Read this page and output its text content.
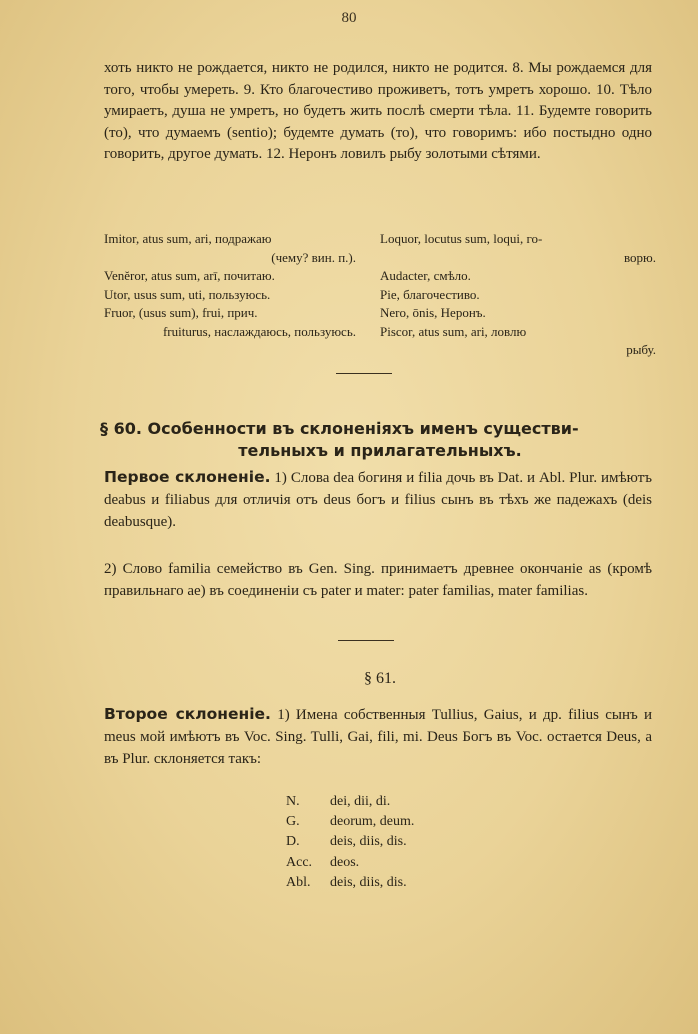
80
хоть никто не рождается, никто не родился, никто не родится. 8. Мы рождаемся для того, чтобы умереть. 9. Кто благочестиво проживетъ, тотъ умретъ хорошо. 10. Тѣло умираетъ, душа не умретъ, но будетъ жить послѣ смерти тѣла. 11. Будемте говорить (то), что думаемъ (sentio); будемте думать (то), что говоримъ: ибо постыдно одно говорить, другое думать. 12. Неронъ ловилъ рыбу золотыми сѣтями.
Imitor, atus sum, ari, подражаю
(чему? вин. п.).
Venĕror, atus sum, arī, почитаю.
Utor, usus sum, uti, пользуюсь.
Fruor, (usus sum), frui, прич.
fruiturus, наслаждаюсь, пользуюсь.
Loquor, locutus sum, loqui, го-
ворю.
Audacter, смѣло.
Pie, благочестиво.
Nero, ōnis, Неронъ.
Piscor, atus sum, ari, ловлю
рыбу.
§ 60. Особенности въ склоненіяхъ именъ существи-
тельныхъ и прилагательныхъ.
Первое склоненіе. 1) Слова dea богиня и filia дочь въ Dat. и Abl. Plur. имѣютъ deabus и filiabus для отличія отъ deus богъ и filius сынъ въ тѣхъ же падежахъ (deis deabusque).
2) Слово familia семейство въ Gen. Sing. принимаетъ древнее окончаніе as (кромѣ правильнаго ae) въ соединеніи съ pater и mater: pater familias, mater familias.
§ 61.
Второе склоненіе. 1) Имена собственныя Tullius, Gaius, и др. filius сынъ и meus мой имѣютъ въ Voc. Sing. Tulli, Gai, fili, mi. Deus Богъ въ Voc. остается Deus, а въ Plur. склоняется такъ:
N. dei, dii, di.
G. deorum, deum.
D. deis, diis, dis.
Acc. deos.
Abl. deis, diis, dis.
